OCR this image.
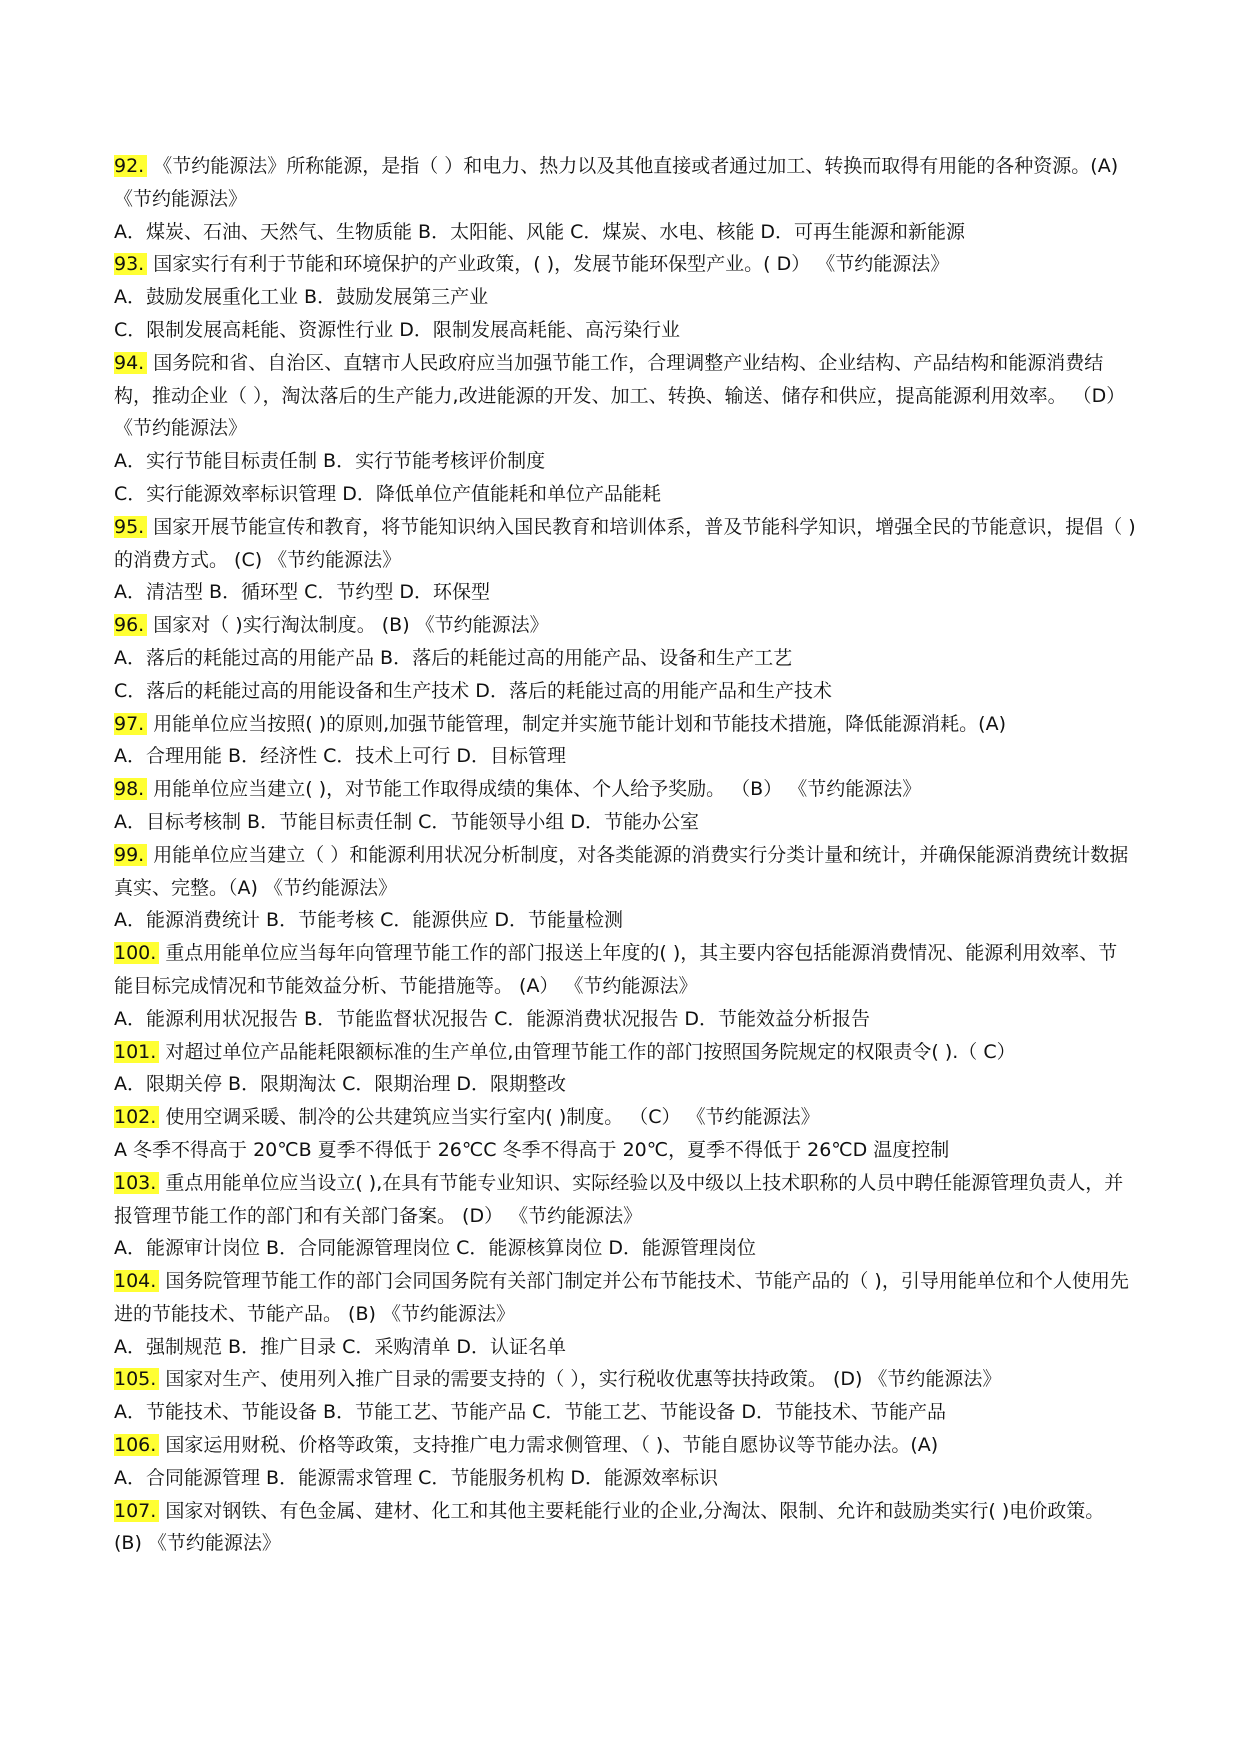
92. 《节约能源法》所称能源，是指（ ）和电力、热力以及其他直接或者通过加工、转换而取得有用能的各种资源。(A) 《节约能源法》
A．煤炭、石油、天然气、生物质能 B．太阳能、风能 C．煤炭、水电、核能 D．可再生能源和新能源
93. 国家实行有利于节能和环境保护的产业政策，( )，发展节能环保型产业。( D） 《节约能源法》
A．鼓励发展重化工业 B．鼓励发展第三产业
C．限制发展高耗能、资源性行业 D．限制发展高耗能、高污染行业
94. 国务院和省、自治区、直辖市人民政府应当加强节能工作，合理调整产业结构、企业结构、产品结构和能源消费结构，推动企业（ ），淘汰落后的生产能力,改进能源的开发、加工、转换、输送、储存和供应，提高能源利用效率。 （D） 《节约能源法》
A．实行节能目标责任制 B．实行节能考核评价制度
C．实行能源效率标识管理 D．降低单位产值能耗和单位产品能耗
95. 国家开展节能宣传和教育，将节能知识纳入国民教育和培训体系，普及节能科学知识，增强全民的节能意识，提倡（ )的消费方式。 (C) 《节约能源法》
A．清洁型 B．循环型 C．节约型 D．环保型
96. 国家对（ )实行淘汰制度。 (B) 《节约能源法》
A．落后的耗能过高的用能产品 B．落后的耗能过高的用能产品、设备和生产工艺
C．落后的耗能过高的用能设备和生产技术 D．落后的耗能过高的用能产品和生产技术
97. 用能单位应当按照( )的原则,加强节能管理，制定并实施节能计划和节能技术措施，降低能源消耗。(A)
A．合理用能 B．经济性 C．技术上可行 D．目标管理
98. 用能单位应当建立( )，对节能工作取得成绩的集体、个人给予奖励。 （B） 《节约能源法》
A．目标考核制 B．节能目标责任制 C．节能领导小组 D．节能办公室
99. 用能单位应当建立（ ）和能源利用状况分析制度，对各类能源的消费实行分类计量和统计，并确保能源消费统计数据真实、完整。（A) 《节约能源法》
A．能源消费统计 B．节能考核 C．能源供应 D．节能量检测
100. 重点用能单位应当每年向管理节能工作的部门报送上年度的( )，其主要内容包括能源消费情况、能源利用效率、节能目标完成情况和节能效益分析、节能措施等。 (A） 《节约能源法》
A．能源利用状况报告 B．节能监督状况报告 C．能源消费状况报告 D．节能效益分析报告
101. 对超过单位产品能耗限额标准的生产单位,由管理节能工作的部门按照国务院规定的权限责令( ).（ C）
A．限期关停 B．限期淘汰 C．限期治理 D．限期整改
102. 使用空调采暖、制冷的公共建筑应当实行室内( )制度。 （C） 《节约能源法》
A 冬季不得高于 20℃B 夏季不得低于 26℃C 冬季不得高于 20℃，夏季不得低于 26℃D 温度控制
103. 重点用能单位应当设立( ),在具有节能专业知识、实际经验以及中级以上技术职称的人员中聘任能源管理负责人，并报管理节能工作的部门和有关部门备案。 (D） 《节约能源法》
A．能源审计岗位 B．合同能源管理岗位 C．能源核算岗位 D．能源管理岗位
104. 国务院管理节能工作的部门会同国务院有关部门制定并公布节能技术、节能产品的（ )，引导用能单位和个人使用先进的节能技术、节能产品。 (B) 《节约能源法》
A．强制规范 B．推广目录 C．采购清单 D．认证名单
105. 国家对生产、使用列入推广目录的需要支持的（ ），实行税收优惠等扶持政策。 (D) 《节约能源法》
A．节能技术、节能设备 B．节能工艺、节能产品 C．节能工艺、节能设备 D．节能技术、节能产品
106. 国家运用财税、价格等政策，支持推广电力需求侧管理、（ )、节能自愿协议等节能办法。(A)
A．合同能源管理 B．能源需求管理 C．节能服务机构 D．能源效率标识
107. 国家对钢铁、有色金属、建材、化工和其他主要耗能行业的企业,分淘汰、限制、允许和鼓励类实行( )电价政策。 (B) 《节约能源法》
